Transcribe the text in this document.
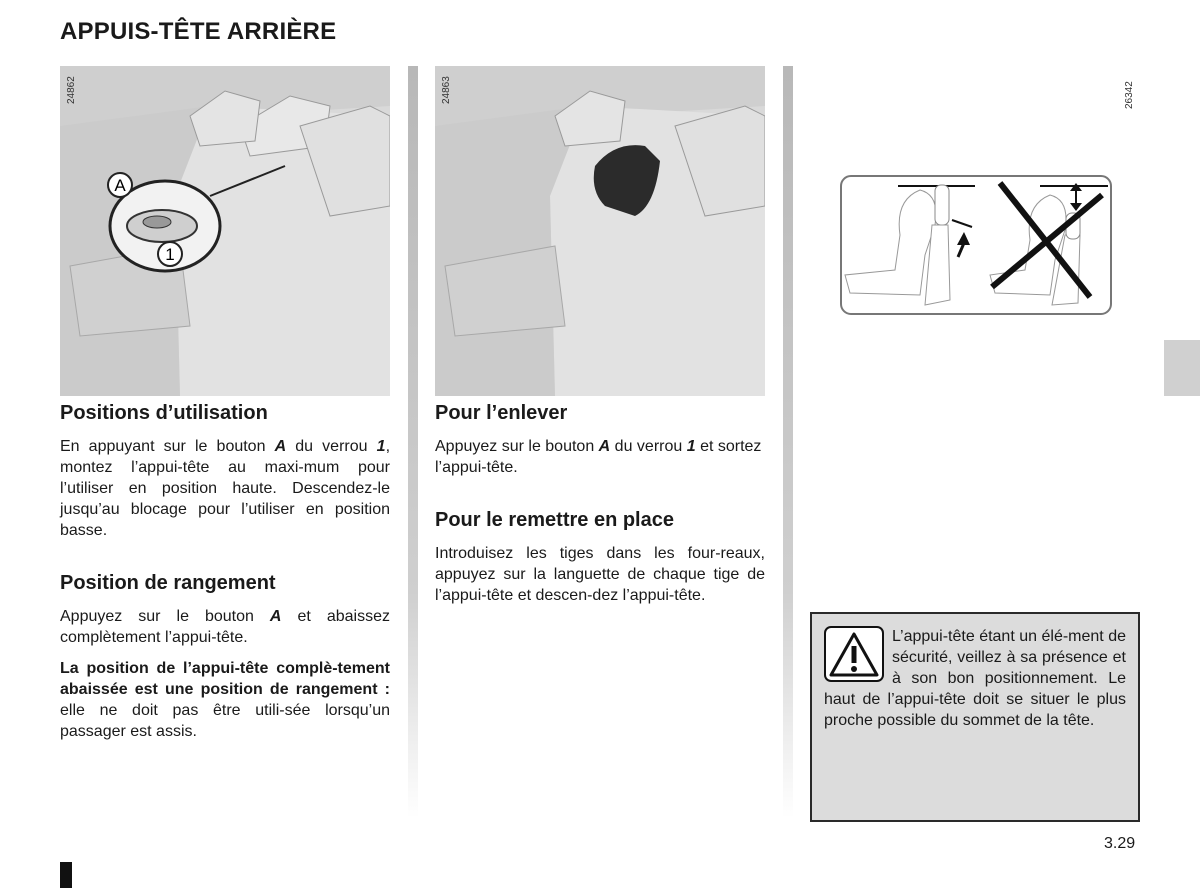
APPUIS-TÊTE ARRIÈRE
A
1
24862	24863	26342
Positions d’utilisation

En appuyant sur le bouton A du verrou 1, montez l’appui-tête au maxi-mum pour l’utiliser en position haute. Descendez-le jusqu’au blocage pour l’utiliser en position basse.

Position de rangement

Appuyez sur le bouton A et abaissez complètement l’appui-tête.

La position de l’appui-tête complè-tement abaissée est une position de rangement : elle ne doit pas être utili-sée lorsqu’un passager est assis.

Pour l’enlever

Appuyez sur le bouton A du verrou 1 et sortez l’appui-tête.

Pour le remettre en place

Introduisez les tiges dans les four-reaux, appuyez sur la languette de chaque tige de l’appui-tête et descen-dez l’appui-tête.

L’appui-tête étant un élé-ment de sécurité, veillez à sa présence et à son bon positionnement. Le haut de l’appui-tête doit se situer le plus proche possible du sommet de la tête.
3.29
